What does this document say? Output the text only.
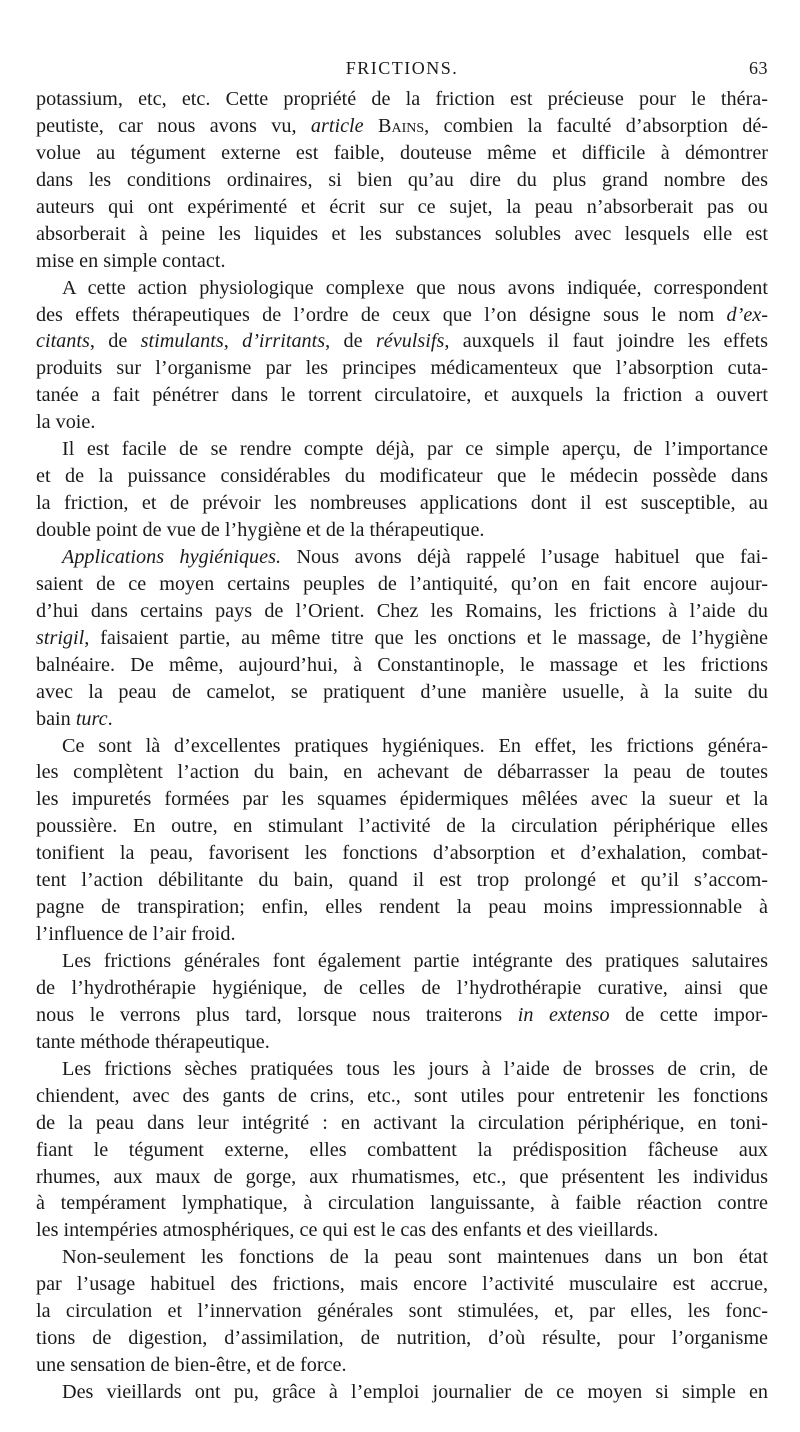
FRICTIONS.	63
potassium, etc, etc. Cette propriété de la friction est précieuse pour le théra-
peutiste, car nous avons vu, article Bains, combien la faculté d’absorption dé-
volue au tégument externe est faible, douteuse même et difficile à démontrer
dans les conditions ordinaires, si bien qu’au dire du plus grand nombre des
auteurs qui ont expérimenté et écrit sur ce sujet, la peau n’absorberait pas ou
absorberait à peine les liquides et les substances solubles avec lesquels elle est
mise en simple contact.
A cette action physiologique complexe que nous avons indiquée, correspondent
des effets thérapeutiques de l’ordre de ceux que l’on désigne sous le nom d’ex-
citants, de stimulants, d’irritants, de révulsifs, auxquels il faut joindre les effets
produits sur l’organisme par les principes médicamenteux que l’absorption cuta-
tanée a fait pénétrer dans le torrent circulatoire, et auxquels la friction a ouvert
la voie.
Il est facile de se rendre compte déjà, par ce simple aperçu, de l’importance
et de la puissance considérables du modificateur que le médecin possède dans
la friction, et de prévoir les nombreuses applications dont il est susceptible, au
double point de vue de l’hygiène et de la thérapeutique.
Applications hygiéniques. Nous avons déjà rappelé l’usage habituel que fai-
saient de ce moyen certains peuples de l’antiquité, qu’on en fait encore aujour-
d’hui dans certains pays de l’Orient. Chez les Romains, les frictions à l’aide du
strigil, faisaient partie, au même titre que les onctions et le massage, de l’hygiène
balnéaire. De même, aujourd’hui, à Constantinople, le massage et les frictions
avec la peau de camelot, se pratiquent d’une manière usuelle, à la suite du
bain turc.
Ce sont là d’excellentes pratiques hygiéniques. En effet, les frictions généra-
les complètent l’action du bain, en achevant de débarrasser la peau de toutes
les impuretés formées par les squames épidermiques mêlées avec la sueur et la
poussière. En outre, en stimulant l’activité de la circulation périphérique elles
tonifient la peau, favorisent les fonctions d’absorption et d’exhalation, combat-
tent l’action débilitante du bain, quand il est trop prolongé et qu’il s’accom-
pagne de transpiration; enfin, elles rendent la peau moins impressionnable à
l’influence de l’air froid.
Les frictions générales font également partie intégrante des pratiques salutaires
de l’hydrothérapie hygiénique, de celles de l’hydrothérapie curative, ainsi que
nous le verrons plus tard, lorsque nous traiterons in extenso de cette impor-
tante méthode thérapeutique.
Les frictions sèches pratiquées tous les jours à l’aide de brosses de crin, de
chiendent, avec des gants de crins, etc., sont utiles pour entretenir les fonctions
de la peau dans leur intégrité : en activant la circulation périphérique, en toni-
fiant le tégument externe, elles combattent la prédisposition fâcheuse aux
rhumes, aux maux de gorge, aux rhumatismes, etc., que présentent les individus
à tempérament lymphatique, à circulation languissante, à faible réaction contre
les intempéries atmosphériques, ce qui est le cas des enfants et des vieillards.
Non-seulement les fonctions de la peau sont maintenues dans un bon état
par l’usage habituel des frictions, mais encore l’activité musculaire est accrue,
la circulation et l’innervation générales sont stimulées, et, par elles, les fonc-
tions de digestion, d’assimilation, de nutrition, d’où résulte, pour l’organisme
une sensation de bien-être, et de force.
Des vieillards ont pu, grâce à l’emploi journalier de ce moyen si simple en
